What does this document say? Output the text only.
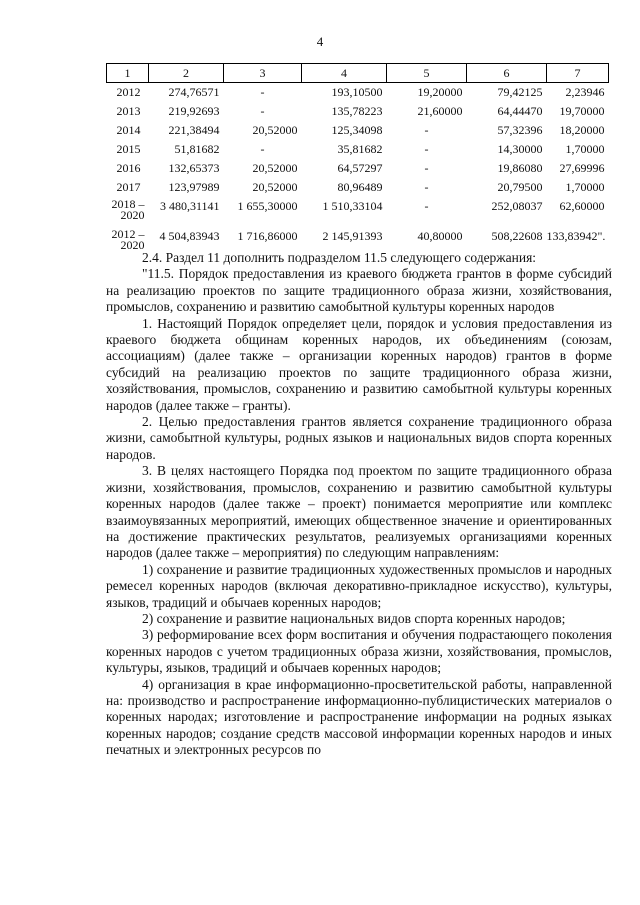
4
1	2	3	4	5	6	7
2012	274,76571	-	193,10500	19,20000	79,42125	2,23946
2013	219,92693	-	135,78223	21,60000	64,44470	19,70000
2014	221,38494	20,52000	125,34098	-	57,32396	18,20000
2015	51,81682	-	35,81682	-	14,30000	1,70000
2016	132,65373	20,52000	64,57297	-	19,86080	27,69996
2017	123,97989	20,52000	80,96489	-	20,79500	1,70000
2018 –
2020	3 480,31141	1 655,30000	1 510,33104	-	252,08037	62,60000
2012 –
2020	4 504,83943	1 716,86000	2 145,91393	40,80000	508,22608	133,83942".

2.4. Раздел 11 дополнить подразделом 11.5 следующего содержания:

"11.5. Порядок предоставления из краевого бюджета грантов в форме субсидий на реализацию проектов по защите традиционного образа жизни, хозяйствования, промыслов, сохранению и развитию самобытной культуры коренных народов

1. Настоящий Порядок определяет цели, порядок и условия предоставления из краевого бюджета общинам коренных народов, их объединениям (союзам, ассоциациям) (далее также – организации коренных народов) грантов в форме субсидий на реализацию проектов по защите традиционного образа жизни, хозяйствования, промыслов, сохранению и развитию самобытной культуры коренных народов (далее также – гранты).

2. Целью предоставления грантов является сохранение традиционного образа жизни, самобытной культуры, родных языков и национальных видов спорта коренных народов.

3. В целях настоящего Порядка под проектом по защите традиционного образа жизни, хозяйствования, промыслов, сохранению и развитию самобытной культуры коренных народов (далее также – проект) понимается мероприятие или комплекс взаимоувязанных мероприятий, имеющих общественное значение и ориентированных на достижение практических результатов, реализуемых организациями коренных народов (далее также – мероприятия) по следующим направлениям:

1) сохранение и развитие традиционных художественных промыслов и народных ремесел коренных народов (включая декоративно-прикладное искусство), культуры, языков, традиций и обычаев коренных народов;

2) сохранение и развитие национальных видов спорта коренных народов;

3) реформирование всех форм воспитания и обучения подрастающего поколения коренных народов с учетом традиционных образа жизни, хозяйствования, промыслов, культуры, языков, традиций и обычаев коренных народов;

4) организация в крае информационно-просветительской работы, направленной на: производство и распространение информационно-публицистических материалов о коренных народах; изготовление и распространение информации на родных языках коренных народов; создание средств массовой информации коренных народов и иных печатных и электронных ресурсов по
